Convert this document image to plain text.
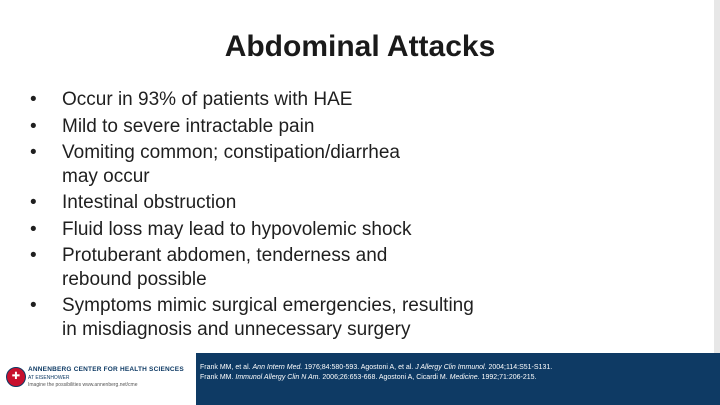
Abdominal Attacks
• Occur in 93% of patients with HAE
• Mild to severe intractable pain
• Vomiting common; constipation/diarrhea
may occur
• Intestinal obstruction
• Fluid loss may lead to hypovolemic shock
• Protuberant abdomen, tenderness and
rebound possible
• Symptoms mimic surgical emergencies, resulting
in misdiagnosis and unnecessary surgery
✚
ANNENBERG CENTER FOR HEALTH SCIENCES
AT EISENHOWER
Imagine the possibilities www.annenberg.net/cme
Frank MM, et al. Ann Intern Med. 1976;84:580-593. Agostoni A, et al. J Allergy Clin Immunol. 2004;114:S51-S131.
Frank MM. Immunol Allergy Clin N Am. 2006;26:653-668. Agostoni A, Cicardi M. Medicine. 1992;71:206-215.
